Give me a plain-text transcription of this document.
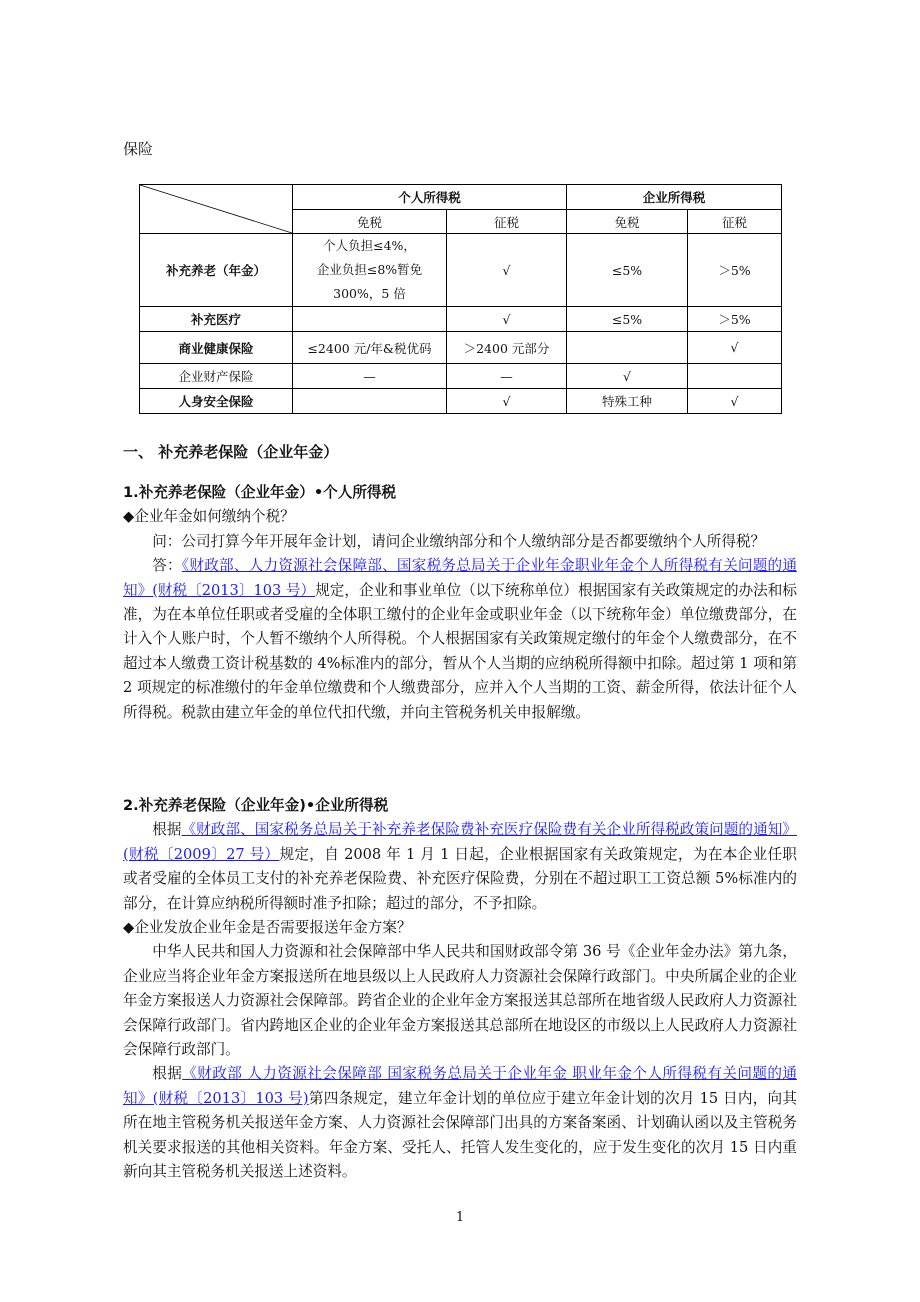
保险
	个人所得税		企业所得税	
	免税	征税	免税	征税
补充养老（年金）	个人负担≤4%，
企业负担≤8%暂免
300%，5 倍	√	≤5%	＞5%
补充医疗		√	≤5%	＞5%
商业健康保险	≤2400 元/年&税优码	＞2400 元部分		√
企业财产保险	—	—	√	
人身安全保险		√	特殊工种	√
一、 补充养老保险（企业年金）
1.补充养老保险（企业年金）•个人所得税
◆企业年金如何缴纳个税？
问：公司打算今年开展年金计划，请问企业缴纳部分和个人缴纳部分是否都要缴纳个人所得税？
答：《财政部、人力资源社会保障部、国家税务总局关于企业年金职业年金个人所得税有关问题的通知》(财税〔2013〕103 号）规定，企业和事业单位（以下统称单位）根据国家有关政策规定的办法和标准，为在本单位任职或者受雇的全体职工缴付的企业年金或职业年金（以下统称年金）单位缴费部分，在计入个人账户时，个人暂不缴纳个人所得税。个人根据国家有关政策规定缴付的年金个人缴费部分，在不超过本人缴费工资计税基数的 4%标准内的部分，暂从个人当期的应纳税所得额中扣除。超过第 1 项和第 2 项规定的标准缴付的年金单位缴费和个人缴费部分，应并入个人当期的工资、薪金所得，依法计征个人所得税。税款由建立年金的单位代扣代缴，并向主管税务机关申报解缴。
2.补充养老保险（企业年金)•企业所得税
根据《财政部、国家税务总局关于补充养老保险费补充医疗保险费有关企业所得税政策问题的通知》(财税〔2009〕27 号）规定，自 2008 年 1 月 1 日起，企业根据国家有关政策规定，为在本企业任职或者受雇的全体员工支付的补充养老保险费、补充医疗保险费，分别在不超过职工工资总额 5%标准内的部分，在计算应纳税所得额时准予扣除；超过的部分，不予扣除。
◆企业发放企业年金是否需要报送年金方案？
中华人民共和国人力资源和社会保障部中华人民共和国财政部令第 36 号《企业年金办法》第九条，企业应当将企业年金方案报送所在地县级以上人民政府人力资源社会保障行政部门。中央所属企业的企业年金方案报送人力资源社会保障部。跨省企业的企业年金方案报送其总部所在地省级人民政府人力资源社会保障行政部门。省内跨地区企业的企业年金方案报送其总部所在地设区的市级以上人民政府人力资源社会保障行政部门。
根据《财政部 人力资源社会保障部 国家税务总局关于企业年金 职业年金个人所得税有关问题的通知》(财税〔2013〕103 号)第四条规定，建立年金计划的单位应于建立年金计划的次月 15 日内，向其所在地主管税务机关报送年金方案、人力资源社会保障部门出具的方案备案函、计划确认函以及主管税务机关要求报送的其他相关资料。年金方案、受托人、托管人发生变化的，应于发生变化的次月 15 日内重新向其主管税务机关报送上述资料。
1
